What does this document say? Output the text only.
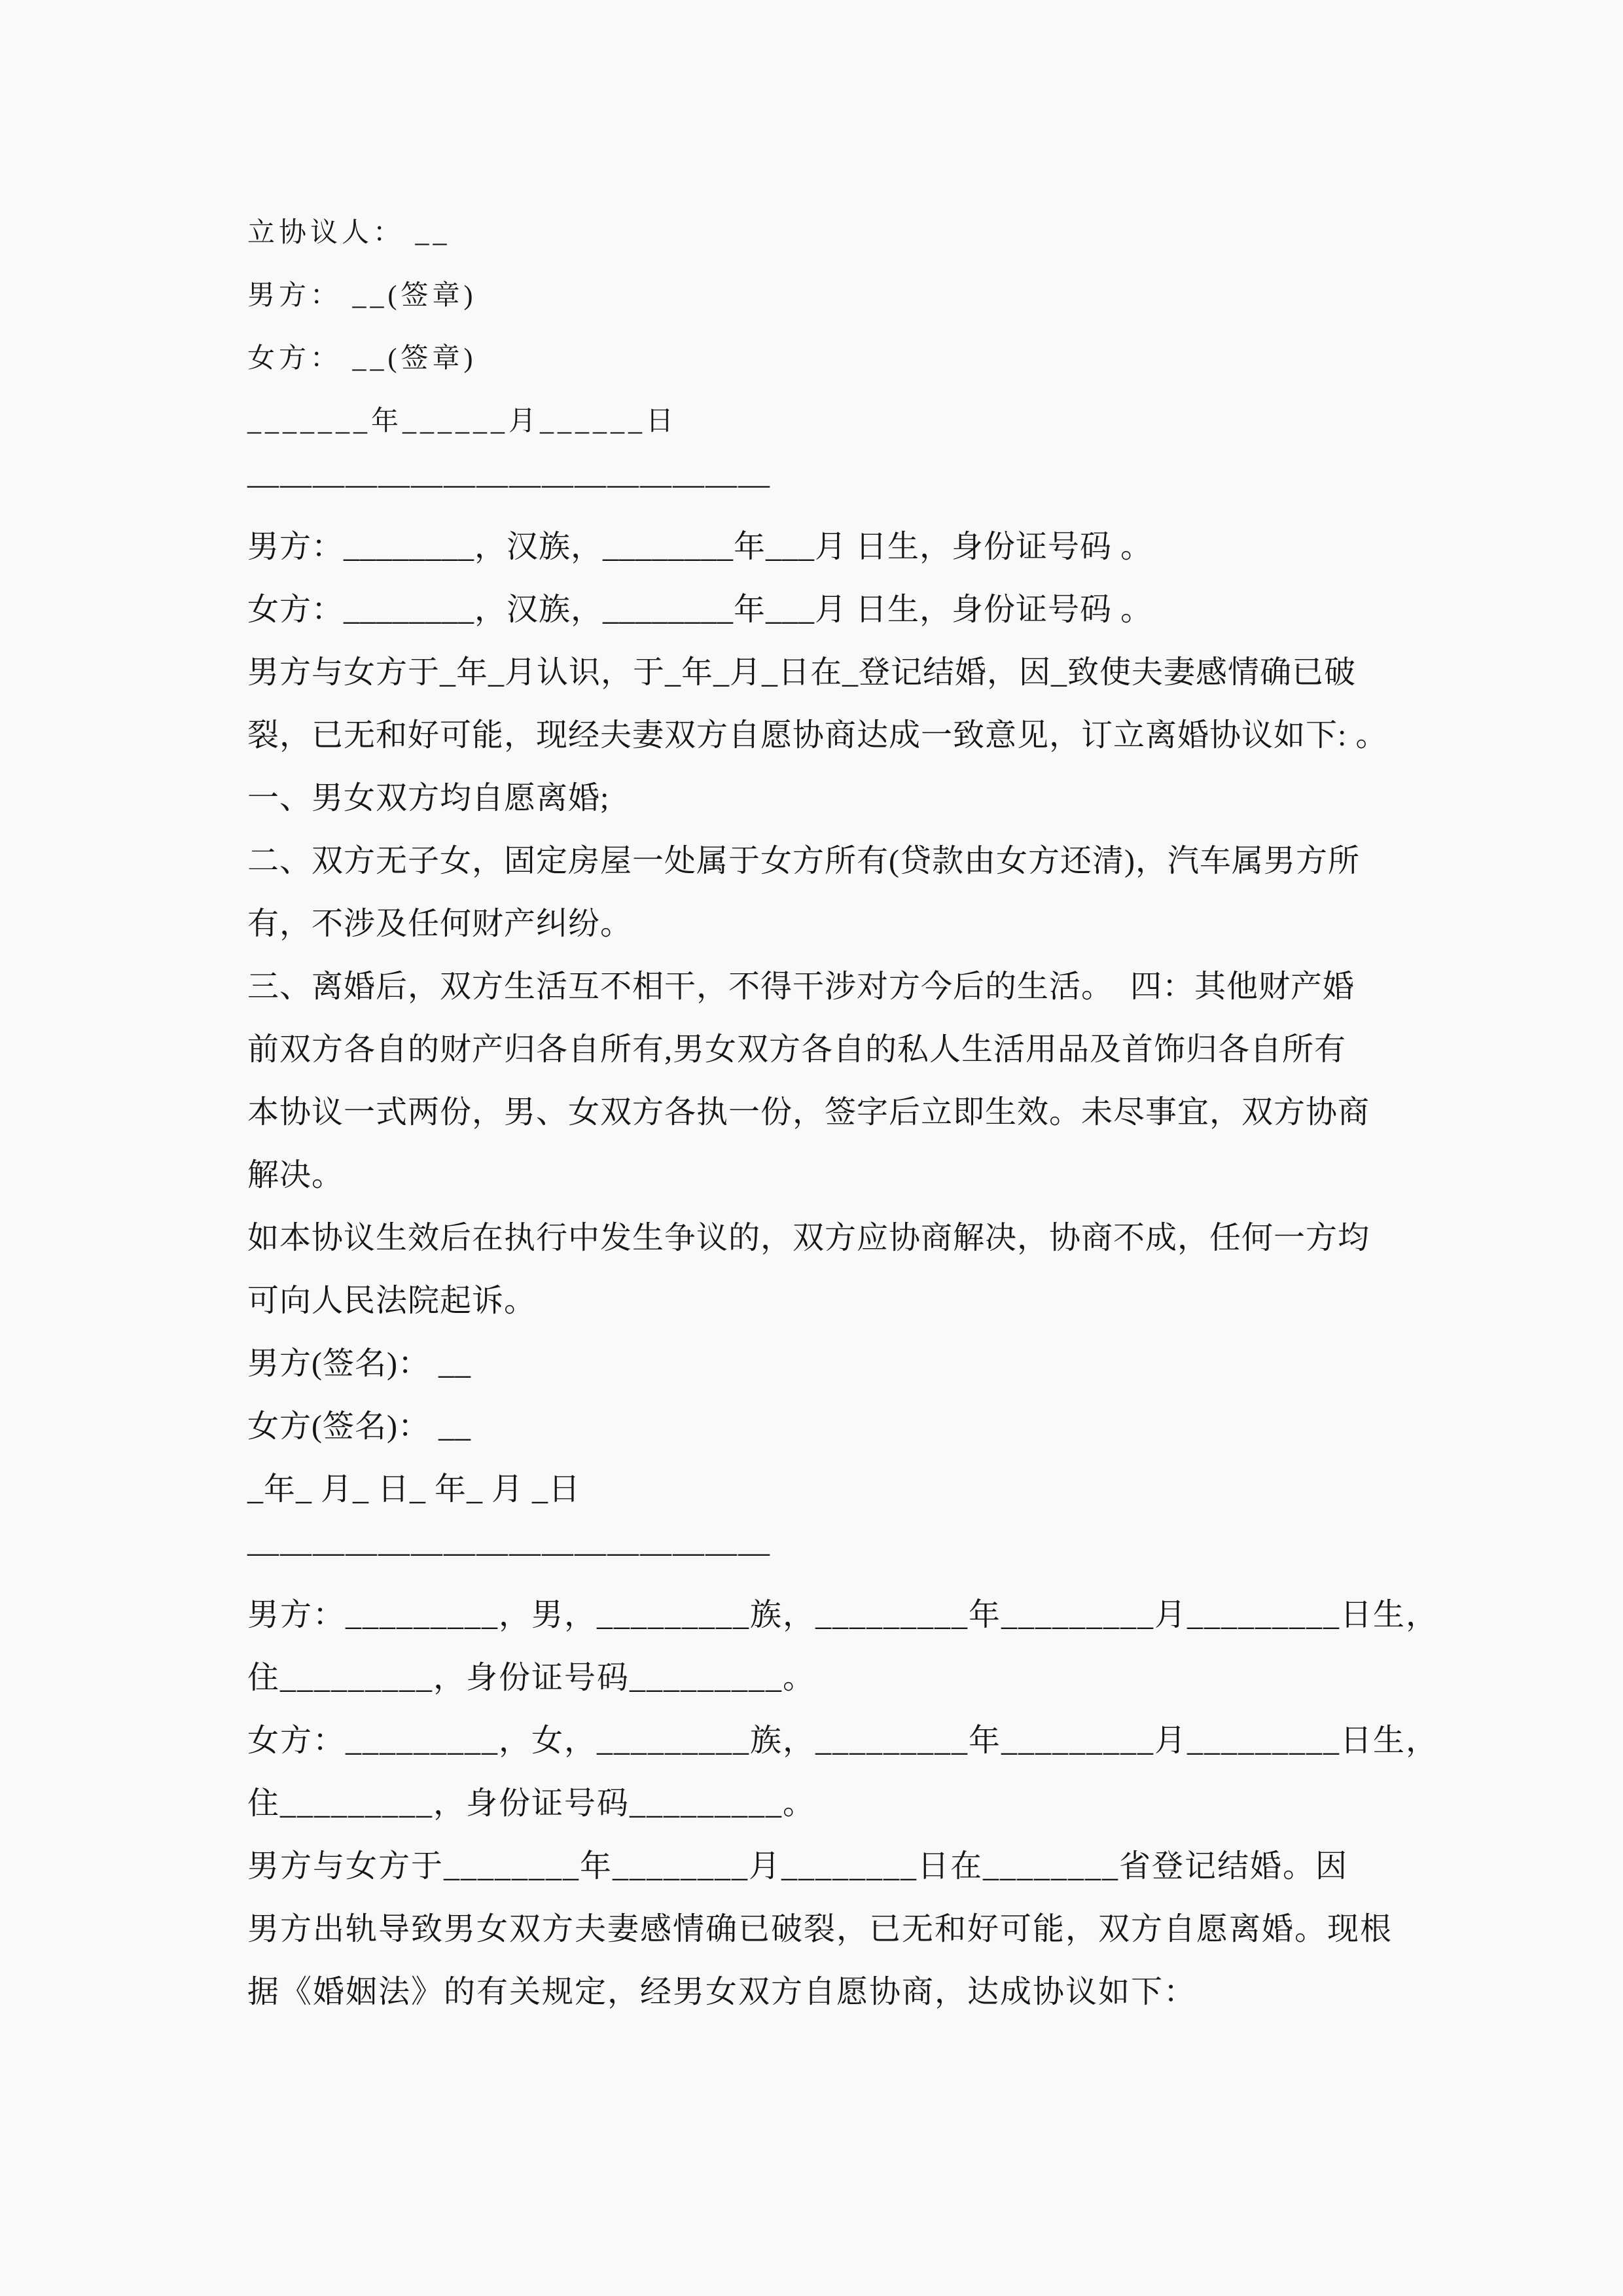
立协议人： __
男方： __(签章)
女方： __(签章)
_______年______月______日
————————————————
男方：________，汉族，________年___月 日生，身份证号码 。
女方：________，汉族，________年___月 日生，身份证号码 。
男方与女方于_年_月认识，于_年_月_日在_登记结婚，因_致使夫妻感情确已破
裂，已无和好可能，现经夫妻双方自愿协商达成一致意见，订立离婚协议如下: 。
一、男女双方均自愿离婚;
二、双方无子女，固定房屋一处属于女方所有(贷款由女方还清)，汽车属男方所
有，不涉及任何财产纠纷。
三、离婚后，双方生活互不相干，不得干涉对方今后的生活。  四：其他财产婚
前双方各自的财产归各自所有,男女双方各自的私人生活用品及首饰归各自所有
本协议一式两份，男、女双方各执一份，签字后立即生效。未尽事宜，双方协商
解决。
如本协议生效后在执行中发生争议的，双方应协商解决，协商不成，任何一方均
可向人民法院起诉。
男方(签名)： __
女方(签名)： __
_年_ 月_ 日_ 年_ 月 _日
————————————————
男方：_________，男，_________族，_________年_________月_________日生，
住_________，身份证号码_________。
女方：_________，女，_________族，_________年_________月_________日生，
住_________，身份证号码_________。
男方与女方于________年________月________日在________省登记结婚。因
男方出轨导致男女双方夫妻感情确已破裂，已无和好可能，双方自愿离婚。现根
据《婚姻法》的有关规定，经男女双方自愿协商，达成协议如下：
